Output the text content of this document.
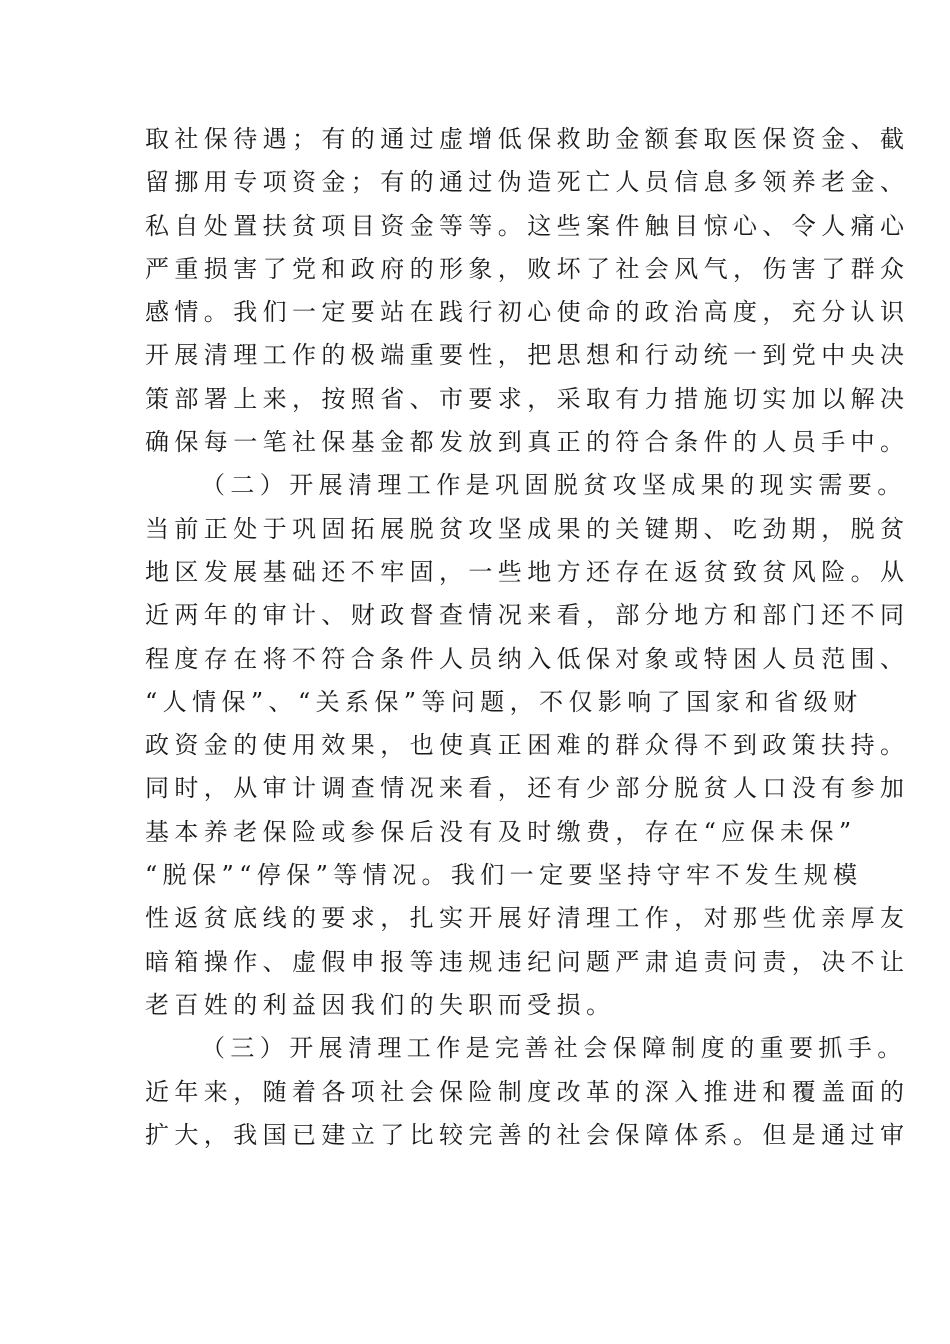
取社保待遇；有的通过虚增低保救助金额套取医保资金、截
留挪用专项资金；有的通过伪造死亡人员信息多领养老金、
私自处置扶贫项目资金等等。这些案件触目惊心、令人痛心
严重损害了党和政府的形象，败坏了社会风气，伤害了群众
感情。我们一定要站在践行初心使命的政治高度，充分认识
开展清理工作的极端重要性，把思想和行动统一到党中央决
策部署上来，按照省、市要求，采取有力措施切实加以解决
确保每一笔社保基金都发放到真正的符合条件的人员手中。
（二）开展清理工作是巩固脱贫攻坚成果的现实需要。
当前正处于巩固拓展脱贫攻坚成果的关键期、吃劲期，脱贫
地区发展基础还不牢固，一些地方还存在返贫致贫风险。从
近两年的审计、财政督查情况来看，部分地方和部门还不同
程度存在将不符合条件人员纳入低保对象或特困人员范围、
“人情保”、“关系保”等问题，不仅影响了国家和省级财
政资金的使用效果，也使真正困难的群众得不到政策扶持。
同时，从审计调查情况来看，还有少部分脱贫人口没有参加
基本养老保险或参保后没有及时缴费，存在“应保未保”
“脱保”“停保”等情况。我们一定要坚持守牢不发生规模
性返贫底线的要求，扎实开展好清理工作，对那些优亲厚友
暗箱操作、虚假申报等违规违纪问题严肃追责问责，决不让
老百姓的利益因我们的失职而受损。
（三）开展清理工作是完善社会保障制度的重要抓手。
近年来，随着各项社会保险制度改革的深入推进和覆盖面的
扩大，我国已建立了比较完善的社会保障体系。但是通过审
